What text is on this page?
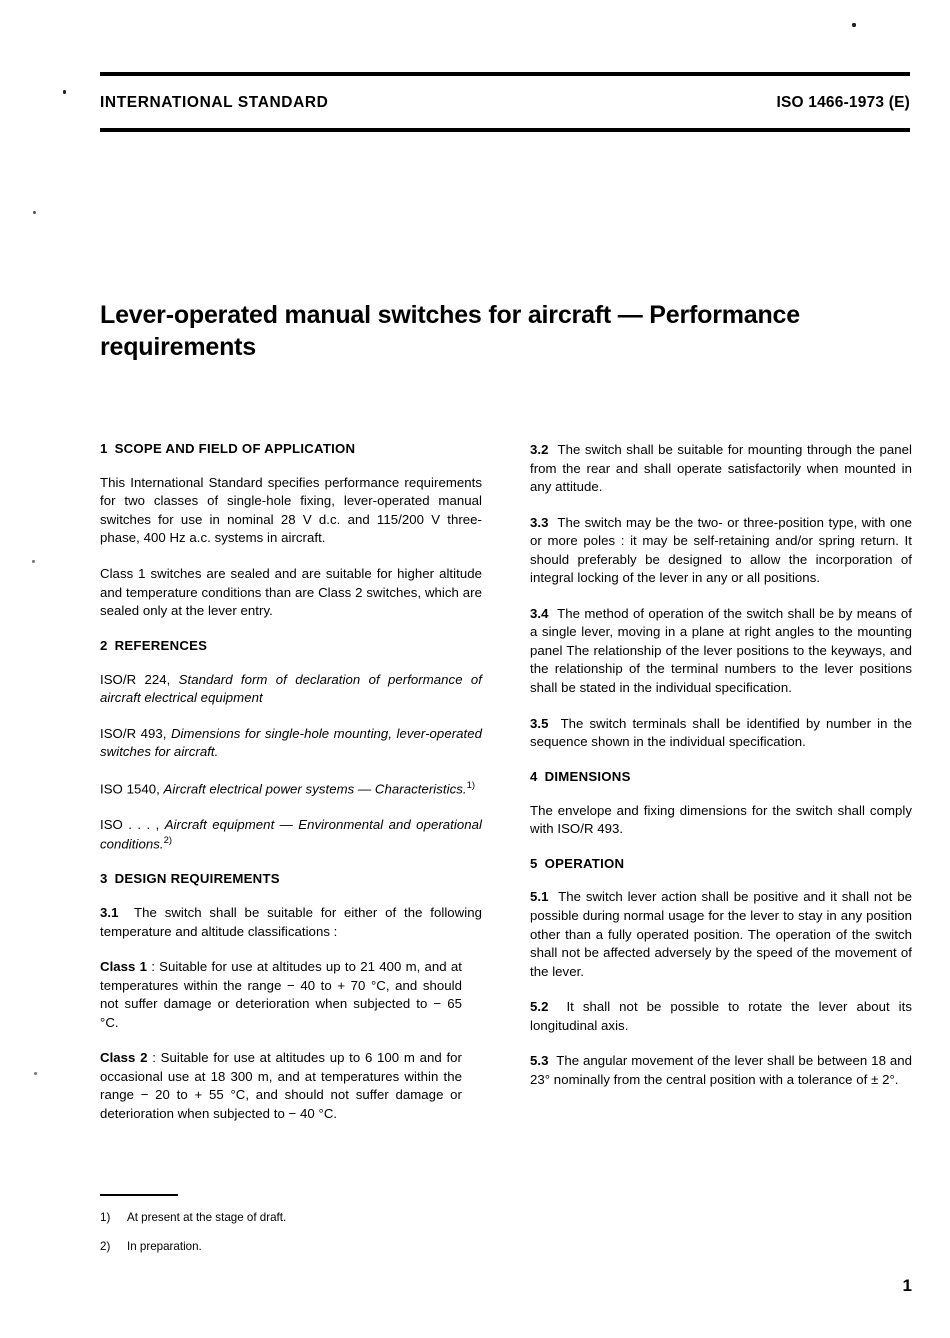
INTERNATIONAL STANDARD	ISO 1466-1973 (E)
Lever-operated manual switches for aircraft — Performance requirements
1 SCOPE AND FIELD OF APPLICATION

This International Standard specifies performance requirements for two classes of single-hole fixing, lever-operated manual switches for use in nominal 28 V d.c. and 115/200 V three-phase, 400 Hz a.c. systems in aircraft.

Class 1 switches are sealed and are suitable for higher altitude and temperature conditions than are Class 2 switches, which are sealed only at the lever entry.

2 REFERENCES

ISO/R 224, Standard form of declaration of performance of aircraft electrical equipment

ISO/R 493, Dimensions for single-hole mounting, lever-operated switches for aircraft.

ISO 1540, Aircraft electrical power systems — Characteristics.$^{1)}$

ISO . . . , Aircraft equipment — Environmental and operational conditions.$^{2)}$

3 DESIGN REQUIREMENTS

3.1 The switch shall be suitable for either of the following temperature and altitude classifications :

Class 1 : Suitable for use at altitudes up to 21 400 m, and at temperatures within the range − 40 to + 70 °C, and should not suffer damage or deterioration when subjected to − 65 °C.

Class 2 : Suitable for use at altitudes up to 6 100 m and for occasional use at 18 300 m, and at temperatures within the range − 20 to + 55 °C, and should not suffer damage or deterioration when subjected to − 40 °C.

3.2 The switch shall be suitable for mounting through the panel from the rear and shall operate satisfactorily when mounted in any attitude.

3.3 The switch may be the two- or three-position type, with one or more poles : it may be self-retaining and/or spring return. It should preferably be designed to allow the incorporation of integral locking of the lever in any or all positions.

3.4 The method of operation of the switch shall be by means of a single lever, moving in a plane at right angles to the mounting panel The relationship of the lever positions to the keyways, and the relationship of the terminal numbers to the lever positions shall be stated in the individual specification.

3.5 The switch terminals shall be identified by number in the sequence shown in the individual specification.

4 DIMENSIONS

The envelope and fixing dimensions for the switch shall comply with ISO/R 493.

5 OPERATION

5.1 The switch lever action shall be positive and it shall not be possible during normal usage for the lever to stay in any position other than a fully operated position. The operation of the switch shall not be affected adversely by the speed of the movement of the lever.

5.2 It shall not be possible to rotate the lever about its longitudinal axis.

5.3 The angular movement of the lever shall be between 18 and 23° nominally from the central position with a tolerance of ± 2°.

1)	At present at the stage of draft.
2)	In preparation.
1
